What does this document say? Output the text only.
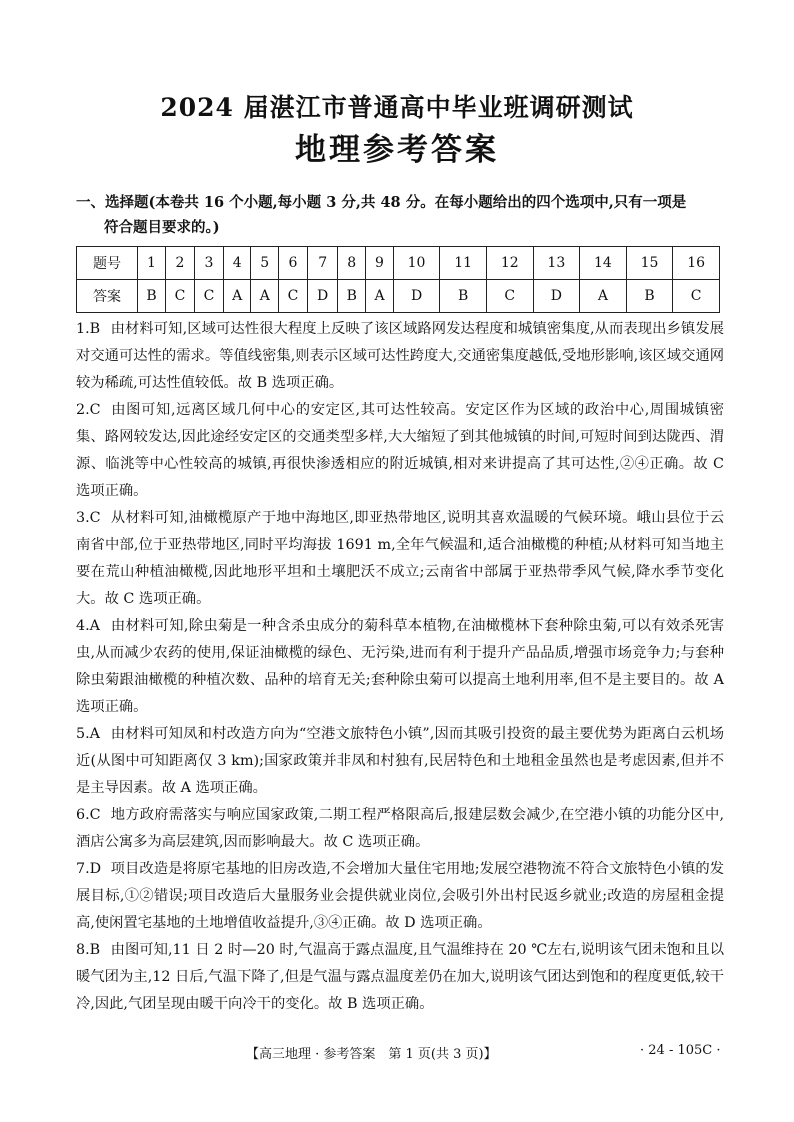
2024 届湛江市普通高中毕业班调研测试
地理参考答案
一、选择题(本卷共 16 个小题,每小题 3 分,共 48 分。在每小题给出的四个选项中,只有一项是
符合题目要求的。)
题号	1	2	3	4	5	6	7	8	9	10	11	12	13	14	15	16
答案	B	C	C	A	A	C	D	B	A	D	B	C	D	A	B	C

1.B 由材料可知,区域可达性很大程度上反映了该区域路网发达程度和城镇密集度,从而表现出乡镇发展对交通可达性的需求。等值线密集,则表示区域可达性跨度大,交通密集度越低,受地形影响,该区域交通网较为稀疏,可达性值较低。故 B 选项正确。

2.C 由图可知,远离区域几何中心的安定区,其可达性较高。安定区作为区域的政治中心,周围城镇密集、路网较发达,因此途经安定区的交通类型多样,大大缩短了到其他城镇的时间,可短时间到达陇西、渭源、临洮等中心性较高的城镇,再很快渗透相应的附近城镇,相对来讲提高了其可达性,②④正确。故 C 选项正确。

3.C 从材料可知,油橄榄原产于地中海地区,即亚热带地区,说明其喜欢温暖的气候环境。峨山县位于云南省中部,位于亚热带地区,同时平均海拔 1691 m,全年气候温和,适合油橄榄的种植;从材料可知当地主要在荒山种植油橄榄,因此地形平坦和土壤肥沃不成立;云南省中部属于亚热带季风气候,降水季节变化大。故 C 选项正确。

4.A 由材料可知,除虫菊是一种含杀虫成分的菊科草本植物,在油橄榄林下套种除虫菊,可以有效杀死害虫,从而减少农药的使用,保证油橄榄的绿色、无污染,进而有利于提升产品品质,增强市场竞争力;与套种除虫菊跟油橄榄的种植次数、品种的培育无关;套种除虫菊可以提高土地利用率,但不是主要目的。故 A 选项正确。

5.A 由材料可知凤和村改造方向为“空港文旅特色小镇”,因而其吸引投资的最主要优势为距离白云机场近(从图中可知距离仅 3 km);国家政策并非凤和村独有,民居特色和土地租金虽然也是考虑因素,但并不是主导因素。故 A 选项正确。

6.C 地方政府需落实与响应国家政策,二期工程严格限高后,报建层数会减少,在空港小镇的功能分区中,酒店公寓多为高层建筑,因而影响最大。故 C 选项正确。

7.D 项目改造是将原宅基地的旧房改造,不会增加大量住宅用地;发展空港物流不符合文旅特色小镇的发展目标,①②错误;项目改造后大量服务业会提供就业岗位,会吸引外出村民返乡就业;改造的房屋租金提高,使闲置宅基地的土地增值收益提升,③④正确。故 D 选项正确。

8.B 由图可知,11 日 2 时—20 时,气温高于露点温度,且气温维持在 20 ℃左右,说明该气团未饱和且以暖气团为主,12 日后,气温下降了,但是气温与露点温度差仍在加大,说明该气团达到饱和的程度更低,较干冷,因此,气团呈现由暖干向冷干的变化。故 B 选项正确。

【高三地理 · 参考答案　第 1 页(共 3 页)】	· 24 - 105C ·
